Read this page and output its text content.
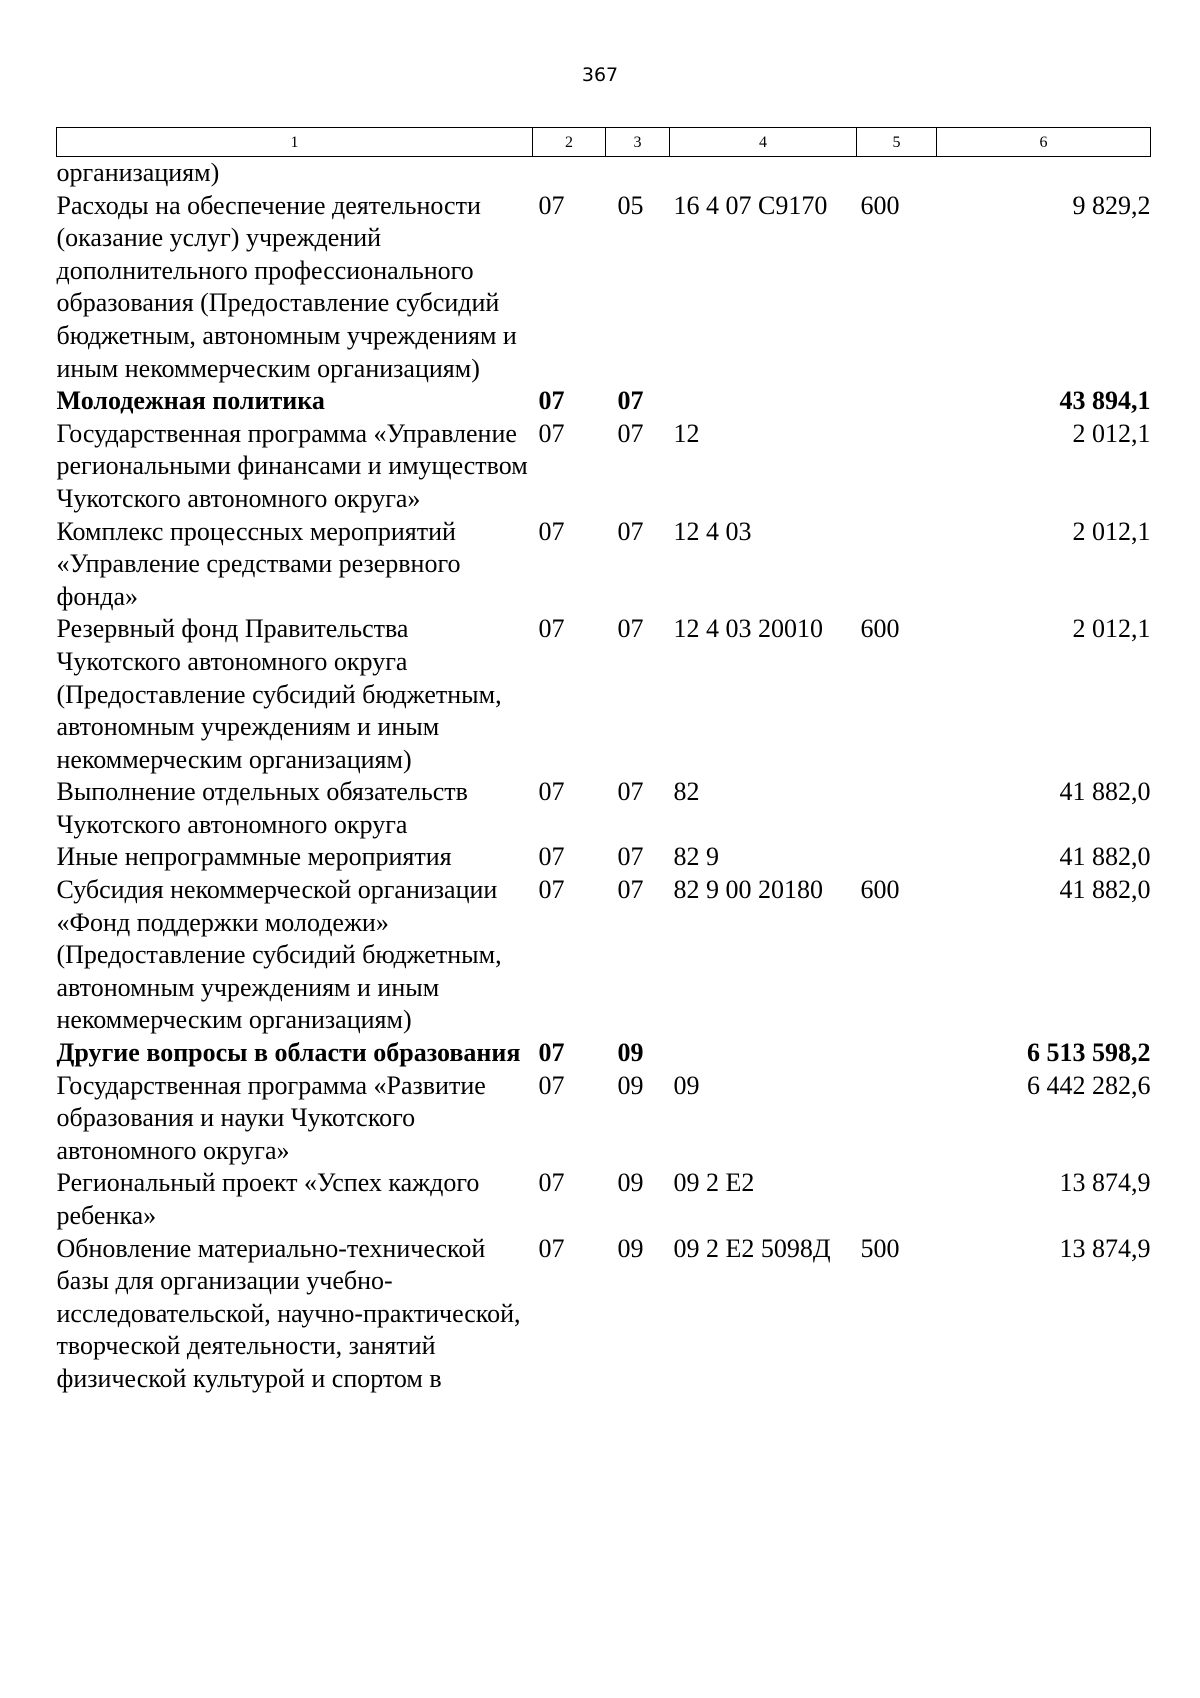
367
1	2	3	4	5	6
организациям)					
Расходы на обеспечение деятельности (оказание услуг) учреждений дополнительного профессионального образования (Предоставление субсидий бюджетным, автономным учреждениям и иным некоммерческим организациям)	07	05	16 4 07 С9170	600	9 829,2
Молодежная политика	07	07			43 894,1
Государственная программа «Управление региональными финансами и имуществом Чукотского автономного округа»	07	07	12		2 012,1
Комплекс процессных мероприятий «Управление средствами резервного фонда»	07	07	12 4 03		2 012,1
Резервный фонд Правительства Чукотского автономного округа (Предоставление субсидий бюджетным, автономным учреждениям и иным некоммерческим организациям)	07	07	12 4 03 20010	600	2 012,1
Выполнение отдельных обязательств Чукотского автономного округа	07	07	82		41 882,0
Иные непрограммные мероприятия	07	07	82 9		41 882,0
Субсидия некоммерческой организации «Фонд поддержки молодежи» (Предоставление субсидий бюджетным, автономным учреждениям и иным некоммерческим организациям)	07	07	82 9 00 20180	600	41 882,0
Другие вопросы в области образования	07	09			6 513 598,2
Государственная программа «Развитие образования и науки Чукотского автономного округа»	07	09	09		6 442 282,6
Региональный проект «Успех каждого ребенка»	07	09	09 2 Е2		13 874,9
Обновление материально-технической базы для организации учебно-исследовательской, научно-практической, творческой деятельности, занятий физической культурой и спортом в	07	09	09 2 Е2 5098Д	500	13 874,9
